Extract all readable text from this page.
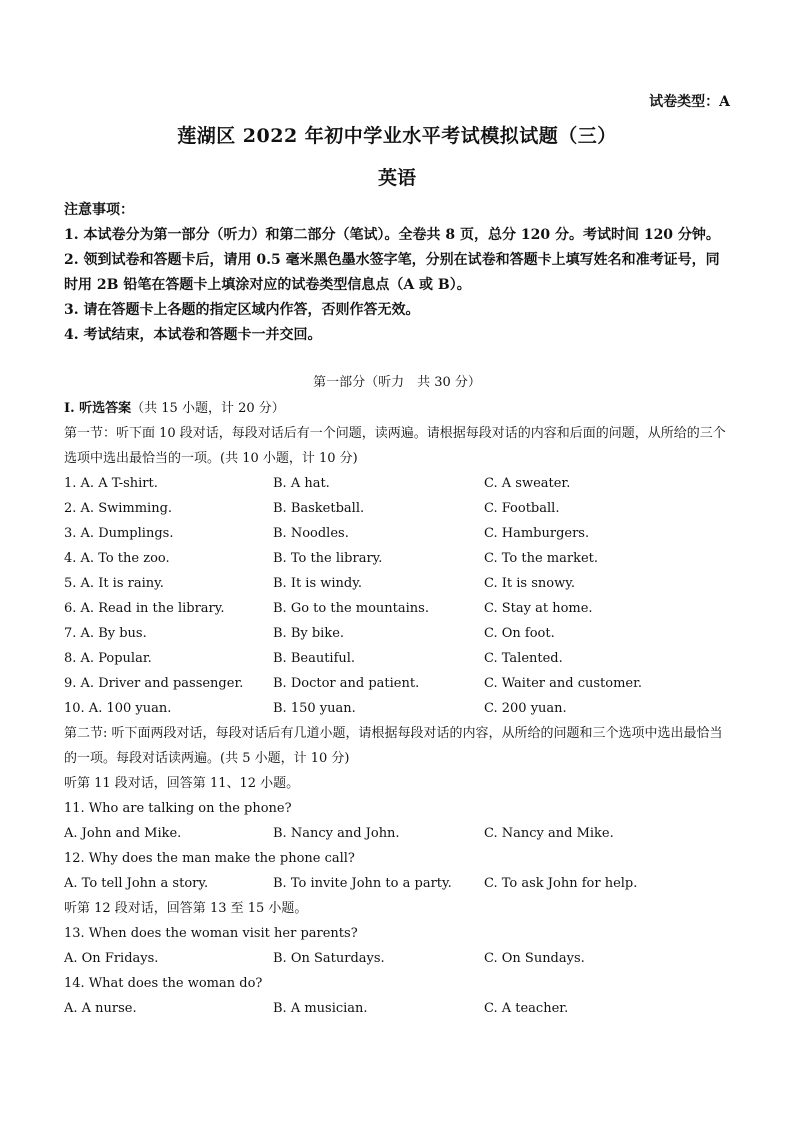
试卷类型：A
莲湖区 2022 年初中学业水平考试模拟试题（三）
英语

注意事项：

1. 本试卷分为第一部分（听力）和第二部分（笔试）。全卷共 8 页，总分 120 分。考试时间 120 分钟。

2. 领到试卷和答题卡后，请用 0.5 毫米黑色墨水签字笔，分别在试卷和答题卡上填写姓名和准考证号，同时用 2B 铅笔在答题卡上填涂对应的试卷类型信息点（A 或 B）。

3. 请在答题卡上各题的指定区域内作答，否则作答无效。

4. 考试结束，本试卷和答题卡一并交回。

第一部分（听力　共 30 分）

Ⅰ. 听选答案（共 15 小题，计 20 分）

第一节：听下面 10 段对话，每段对话后有一个问题，读两遍。请根据每段对话的内容和后面的问题，从所给的三个选项中选出最恰当的一项。(共 10 小题，计 10 分)

1. A. A T-shirt.	B. A hat.	C. A sweater.
2. A. Swimming.	B. Basketball.	C. Football.
3. A. Dumplings.	B. Noodles.	C. Hamburgers.
4. A. To the zoo.	B. To the library.	C. To the market.
5. A. It is rainy.	B. It is windy.	C. It is snowy.
6. A. Read in the library.	B. Go to the mountains.	C. Stay at home.
7. A. By bus.	B. By bike.	C. On foot.
8. A. Popular.	B. Beautiful.	C. Talented.
9. A. Driver and passenger.	B. Doctor and patient.	C. Waiter and customer.
10. A. 100 yuan.	B. 150 yuan.	C. 200 yuan.

第二节: 听下面两段对话，每段对话后有几道小题，请根据每段对话的内容，从所给的问题和三个选项中选出最恰当的一项。每段对话读两遍。(共 5 小题，计 10 分)

听第 11 段对话，回答第 11、12 小题。

11. Who are talking on the phone?

A. John and Mike.	B. Nancy and John.	C. Nancy and Mike.

12. Why does the man make the phone call?

A. To tell John a story.	B. To invite John to a party.	C. To ask John for help.

听第 12 段对话，回答第 13 至 15 小题。

13. When does the woman visit her parents?

A. On Fridays.	B. On Saturdays.	C. On Sundays.

14. What does the woman do?

A. A nurse.	B. A musician.	C. A teacher.
